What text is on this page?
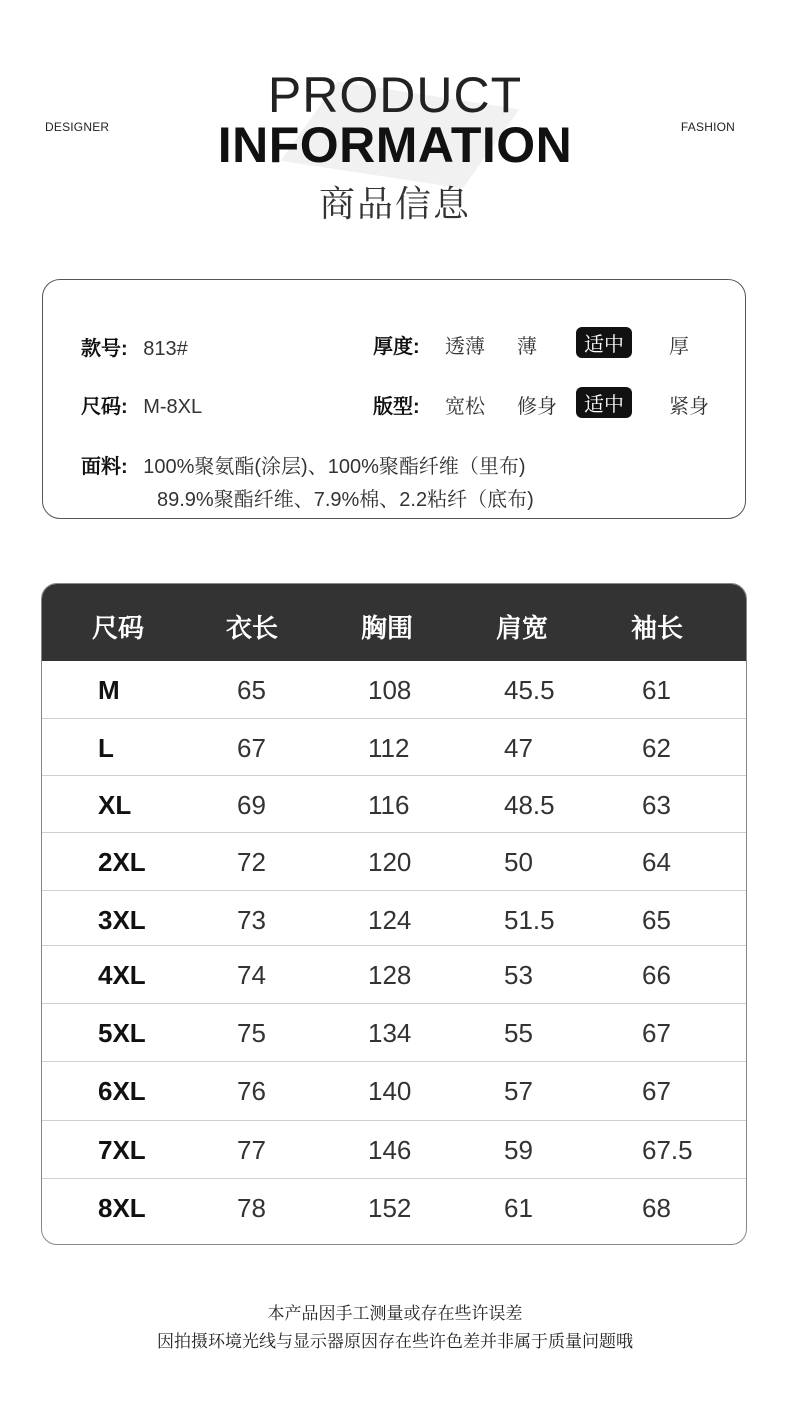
DESIGNER	FASHION
PRODUCT
INFORMATION
商品信息
款号: 813#
尺码: M-8XL
厚度: 透薄 薄	适中	厚
版型: 宽松 修身	适中	紧身
面料: 100%聚氨酯(涂层)、100%聚酯纤维（里布)
89.9%聚酯纤维、7.9%棉、2.2粘纤（底布)
尺码	衣长	胸围	肩宽	袖长
M	65	108	45.5	61
L	67	112	47	62
XL	69	116	48.5	63
2XL	72	120	50	64
3XL	73	124	51.5	65
4XL	74	128	53	66
5XL	75	134	55	67
6XL	76	140	57	67
7XL	77	146	59	67.5
8XL	78	152	61	68
本产品因手工测量或存在些许误差
因拍摄环境光线与显示器原因存在些许色差并非属于质量问题哦
